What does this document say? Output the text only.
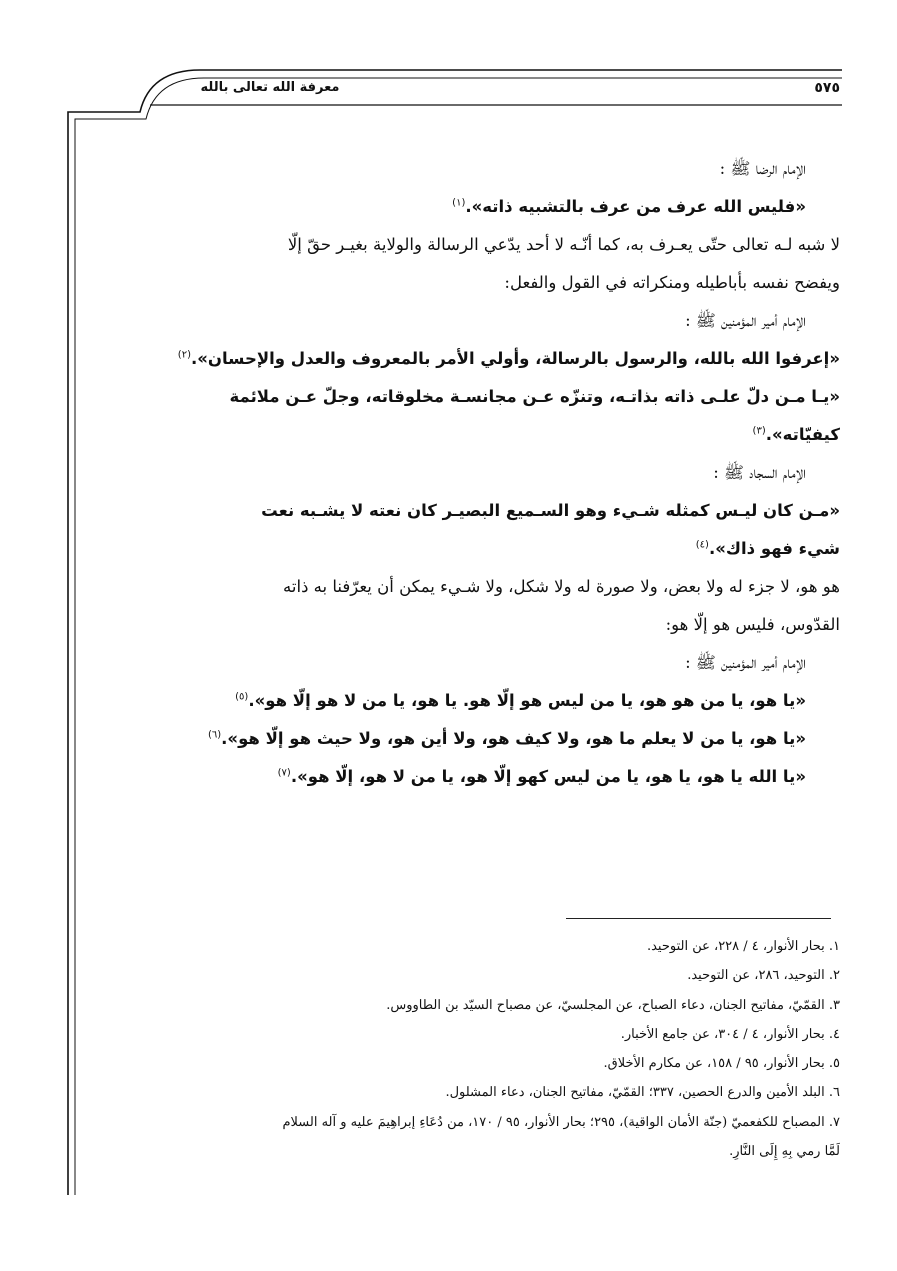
معرفة الله تعالى بالله	٥٧٥
الإمام الرضا ﷺ :
«فليس الله عرف من عرف بالتشبيه ذاته».$^{(١)}$
لا شبه لـه تعالى حتّى يعـرف به، كما أنّـه لا أحد يدّعي الرسالة والولاية بغيـر حقّ إلّا
ويفضح نفسه بأباطيله ومنكراته في القول والفعل:
الإمام أمير المؤمنين ﷺ :
«إعرفوا الله بالله، والرسول بالرسالة، وأولي الأمر بالمعروف والعدل والإحسان».$^{(٢)}$
«يـا مـن دلّ علـى ذاته بذاتـه، وتنزّه عـن مجانسـة مخلوقاته، وجلّ عـن ملائمة
كيفيّاته».$^{(٣)}$
الإمام السجاد ﷺ :
«مـن كان ليـس كمثله شـيء وهو السـميع البصيـر كان نعته لا يشـبه نعت
شيء فهو ذاك».$^{(٤)}$
هو هو، لا جزء له ولا بعض، ولا صورة له ولا شكل، ولا شـيء يمكن أن يعرّفنا به ذاته
القدّوس، فليس هو إلّا هو:
الإمام أمير المؤمنين ﷺ :
«يا هو، يا من هو هو، يا من ليس هو إلّا هو. يا هو، يا من لا هو إلّا هو».$^{(٥)}$
«يا هو، يا من لا يعلم ما هو، ولا كيف هو، ولا أين هو، ولا حيث هو إلّا هو».$^{(٦)}$
«يا الله يا هو، يا هو، يا من ليس كهو إلّا هو، يا من لا هو، إلّا هو».$^{(٧)}$
١. بحار الأنوار، ٤ / ٢٢٨، عن التوحيد.
٢. التوحيد، ٢٨٦، عن التوحيد.
٣. القمّيّ، مفاتيح الجنان، دعاء الصباح، عن المجلسيّ، عن مصباح السيّد بن الطاووس.
٤. بحار الأنوار، ٤ / ٣٠٤، عن جامع الأخبار.
٥. بحار الأنوار، ٩٥ / ١٥٨، عن مكارم الأخلاق.
٦. البلد الأمين والدرع الحصين، ٣٣٧؛ القمّيّ، مفاتيح الجنان، دعاء المشلول.
٧. المصباح للكفعميّ (جنّة الأمان الواقية)، ٢٩٥؛ بحار الأنوار، ٩٥ / ١٧٠، من دُعَاءِ إبراهِيمَ عليه و آله السلام
لَمَّا رمي بِهِ إِلَى النَّارِ.
